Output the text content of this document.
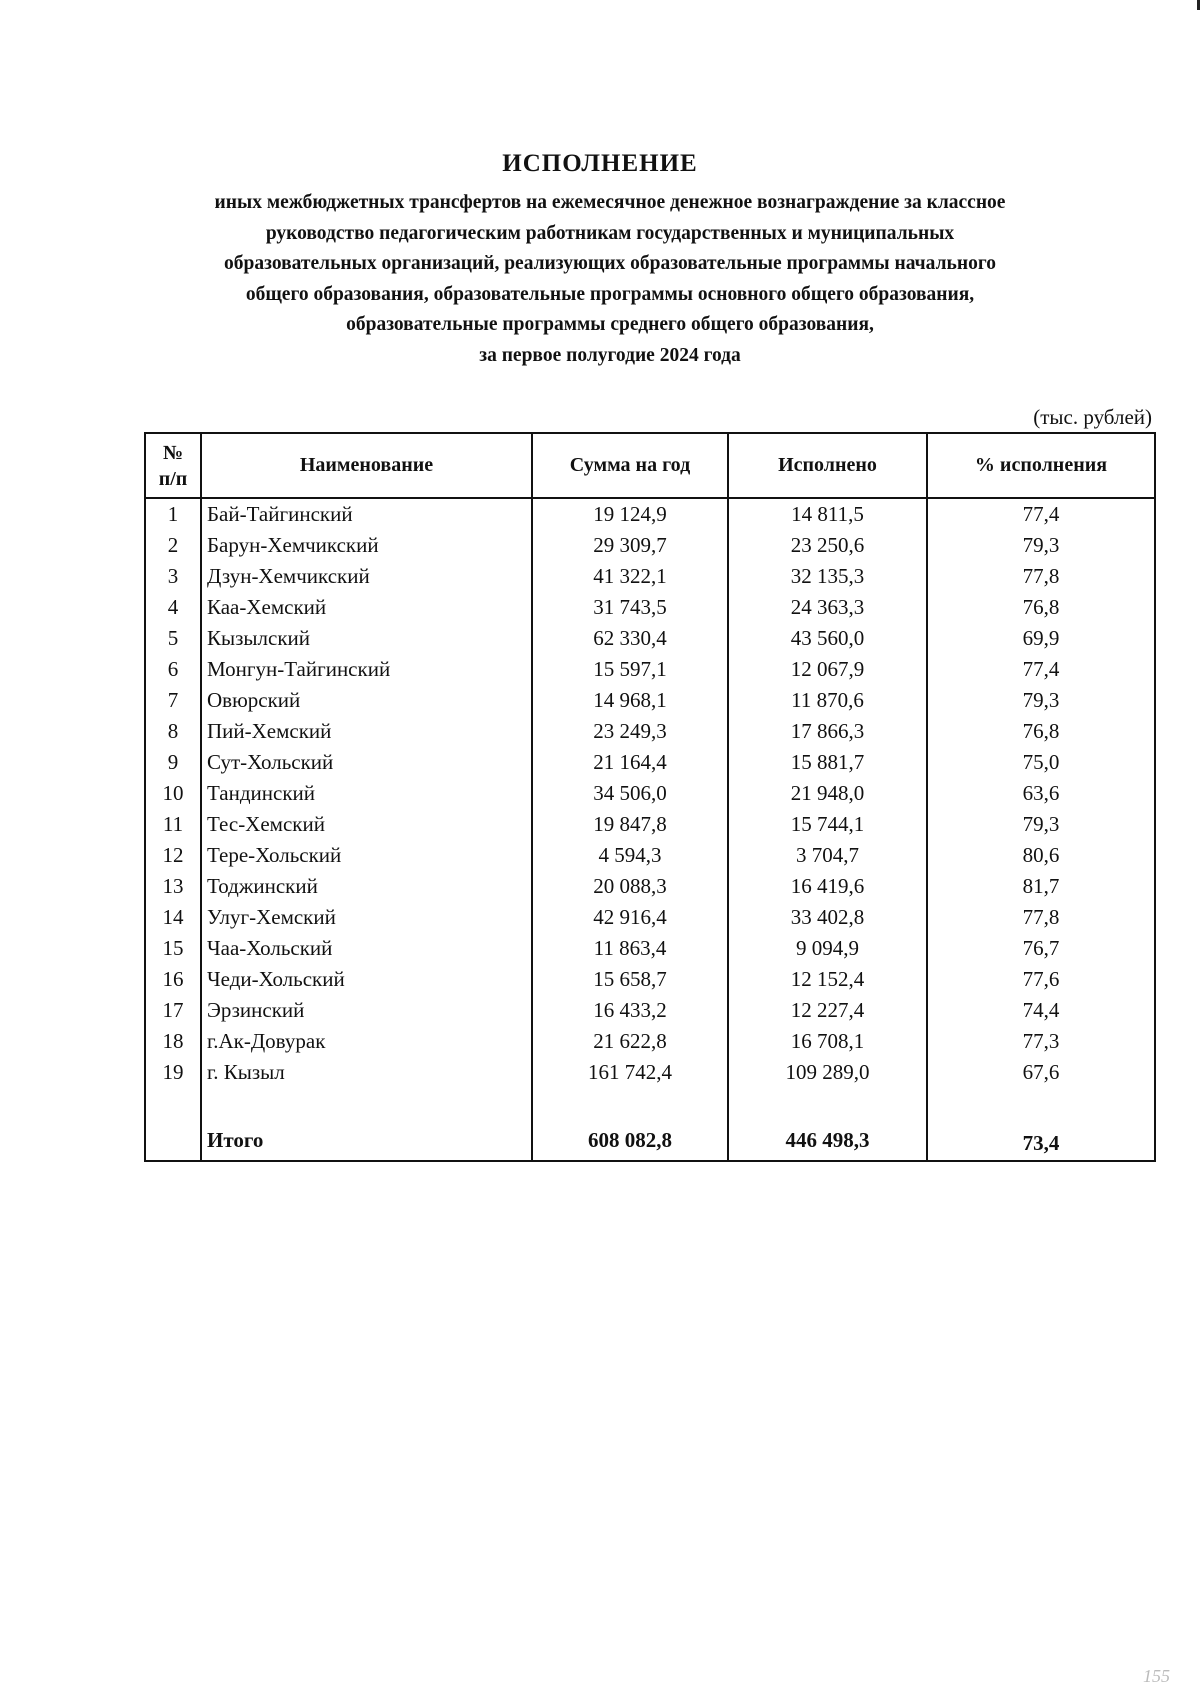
ИСПОЛНЕНИЕ
иных межбюджетных трансфертов на ежемесячное денежное вознаграждение за классное
руководство педагогическим работникам государственных и муниципальных
образовательных организаций, реализующих образовательные программы начального
общего образования, образовательные программы основного общего образования,
образовательные программы среднего общего образования,
за первое полугодие 2024 года
(тыс. рублей)
№
п/п	Наименование	Сумма на год	Исполнено	% исполнения
1	Бай-Тайгинский	19 124,9	14 811,5	77,4
2	Барун-Хемчикский	29 309,7	23 250,6	79,3
3	Дзун-Хемчикский	41 322,1	32 135,3	77,8
4	Каа-Хемский	31 743,5	24 363,3	76,8
5	Кызылский	62 330,4	43 560,0	69,9
6	Монгун-Тайгинский	15 597,1	12 067,9	77,4
7	Овюрский	14 968,1	11 870,6	79,3
8	Пий-Хемский	23 249,3	17 866,3	76,8
9	Сут-Хольский	21 164,4	15 881,7	75,0
10	Тандинский	34 506,0	21 948,0	63,6
11	Тес-Хемский	19 847,8	15 744,1	79,3
12	Тере-Хольский	4 594,3	3 704,7	80,6
13	Тоджинский	20 088,3	16 419,6	81,7
14	Улуг-Хемский	42 916,4	33 402,8	77,8
15	Чаа-Хольский	11 863,4	9 094,9	76,7
16	Чеди-Хольский	15 658,7	12 152,4	77,6
17	Эрзинский	16 433,2	12 227,4	74,4
18	г.Ак-Довурак	21 622,8	16 708,1	77,3
19	г. Кызыл	161 742,4	109 289,0	67,6

	Итого	608 082,8	446 498,3	73,4
155
